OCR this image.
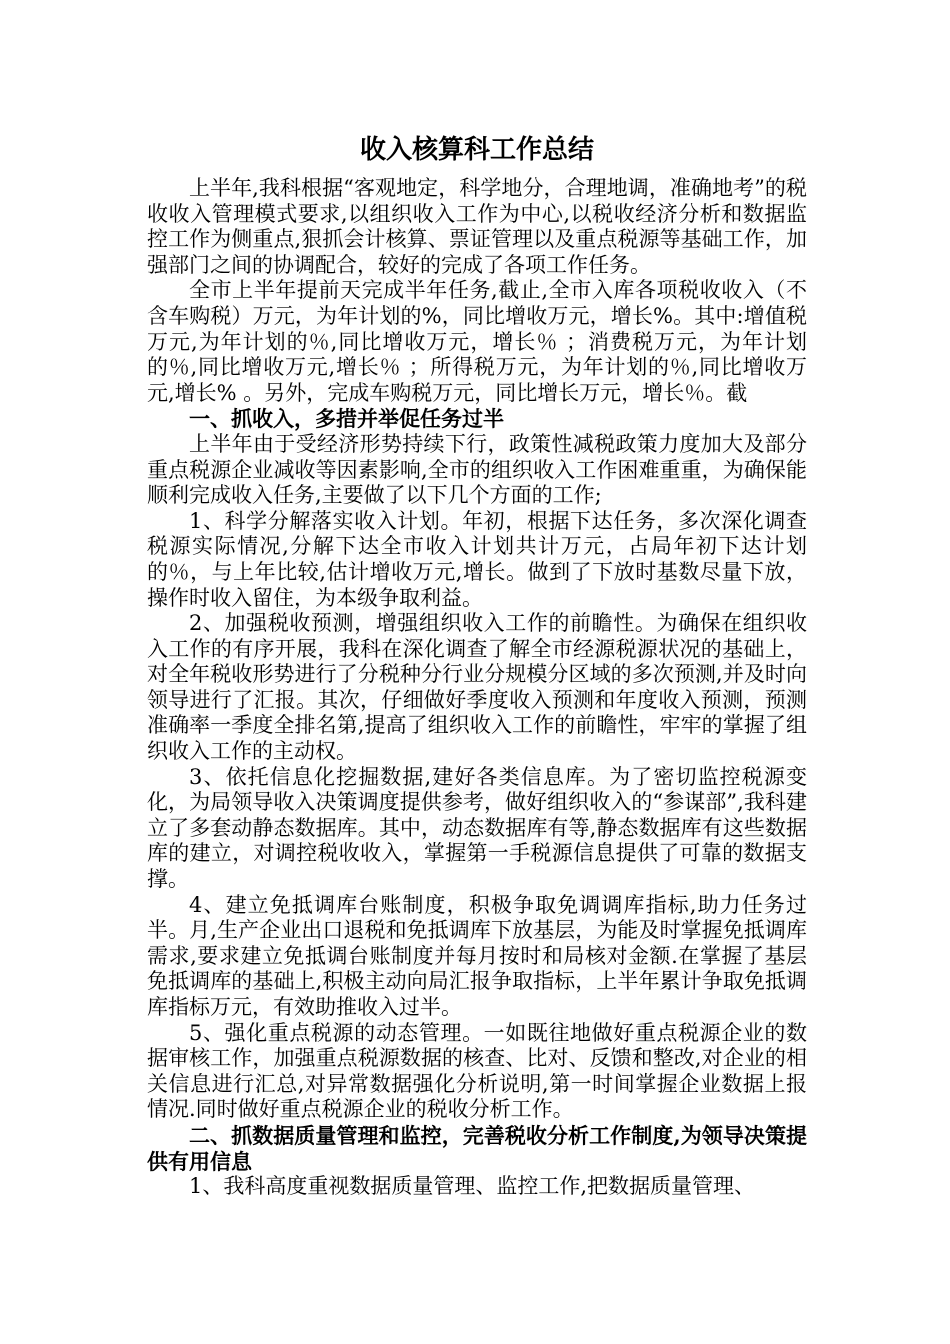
收入核算科工作总结

上半年,我科根据“客观地定，科学地分，合理地调，准确地考”的税收收入管理模式要求,以组织收入工作为中心,以税收经济分析和数据监控工作为侧重点,狠抓会计核算、票证管理以及重点税源等基础工作，加强部门之间的协调配合，较好的完成了各项工作任务。

全市上半年提前天完成半年任务,截止,全市入库各项税收收入（不含车购税）万元，为年计划的%，同比增收万元，增长%。其中:增值税万元,为年计划的％,同比增收万元，增长％ ；消费税万元，为年计划的％,同比增收万元,增长％ ；所得税万元，为年计划的％,同比增收万元,增长% 。另外，完成车购税万元，同比增长万元，增长％。截

一、抓收入，多措并举促任务过半

上半年由于受经济形势持续下行，政策性减税政策力度加大及部分重点税源企业减收等因素影响,全市的组织收入工作困难重重，为确保能顺利完成收入任务,主要做了以下几个方面的工作;

1、科学分解落实收入计划。年初，根据下达任务，多次深化调查税源实际情况,分解下达全市收入计划共计万元，占局年初下达计划的％，与上年比较,估计增收万元,增长。做到了下放时基数尽量下放，操作时收入留住，为本级争取利益。

2、加强税收预测，增强组织收入工作的前瞻性。为确保在组织收入工作的有序开展，我科在深化调查了解全市经源税源状况的基础上，对全年税收形势进行了分税种分行业分规模分区域的多次预测,并及时向领导进行了汇报。其次，仔细做好季度收入预测和年度收入预测，预测准确率一季度全排名第,提高了组织收入工作的前瞻性，牢牢的掌握了组织收入工作的主动权。

3、依托信息化挖掘数据,建好各类信息库。为了密切监控税源变化，为局领导收入决策调度提供参考，做好组织收入的“参谋部”,我科建立了多套动静态数据库。其中，动态数据库有等,静态数据库有这些数据库的建立，对调控税收收入，掌握第一手税源信息提供了可靠的数据支撑。

4、建立免抵调库台账制度，积极争取免调调库指标,助力任务过半。月,生产企业出口退税和免抵调库下放基层，为能及时掌握免抵调库需求,要求建立免抵调台账制度并每月按时和局核对金额.在掌握了基层免抵调库的基础上,积极主动向局汇报争取指标，上半年累计争取免抵调库指标万元，有效助推收入过半。

5、强化重点税源的动态管理。一如既往地做好重点税源企业的数据审核工作，加强重点税源数据的核查、比对、反馈和整改,对企业的相关信息进行汇总,对异常数据强化分析说明,第一时间掌握企业数据上报情况.同时做好重点税源企业的税收分析工作。

二、抓数据质量管理和监控，完善税收分析工作制度,为领导决策提供有用信息

1、我科高度重视数据质量管理、监控工作,把数据质量管理、
